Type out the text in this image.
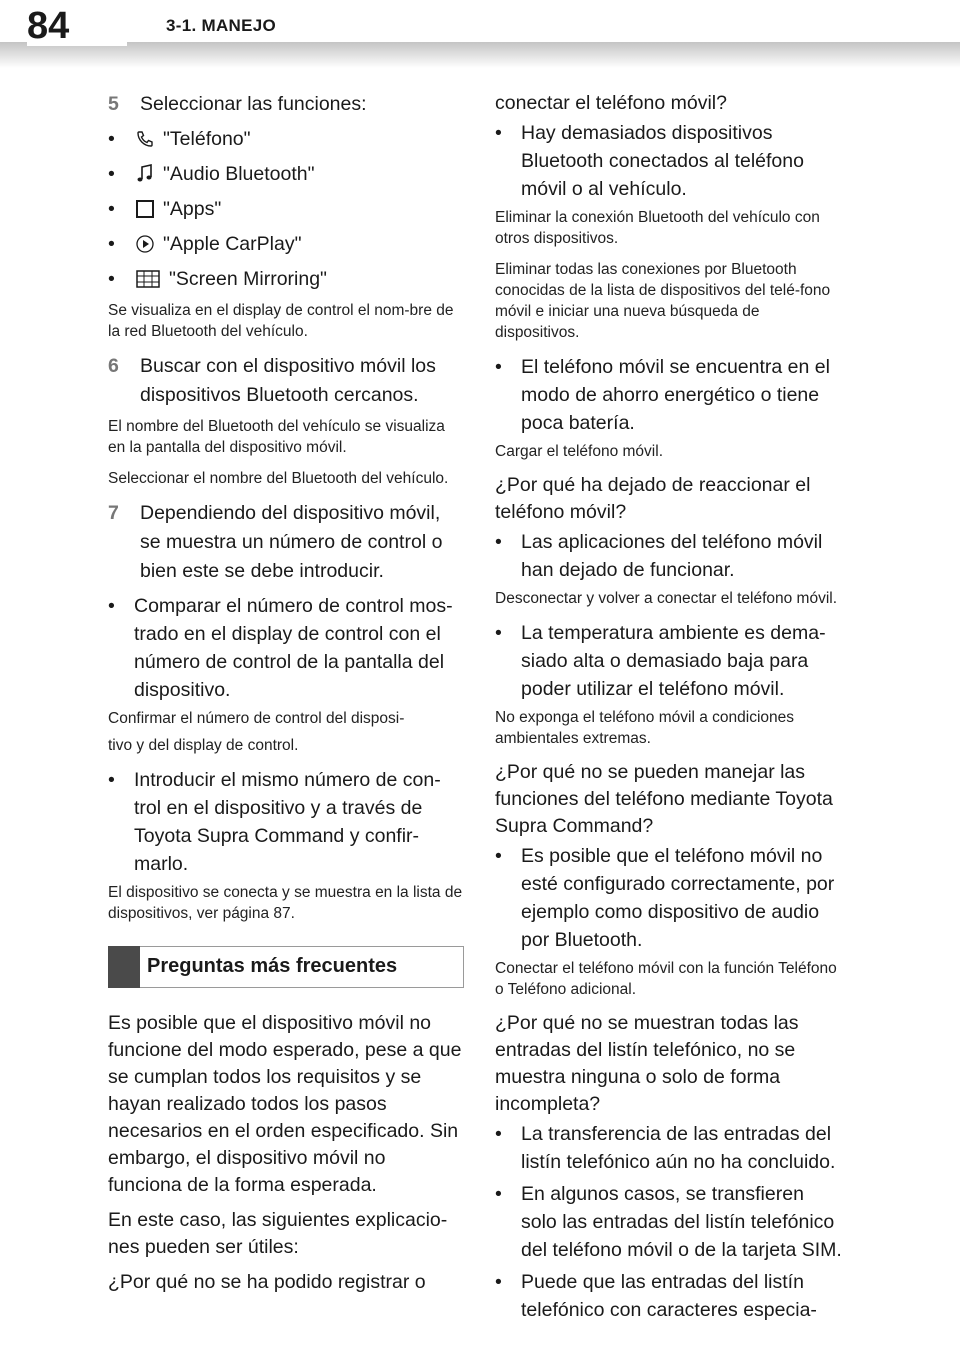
84	3-1. MANEJO
5	Seleccionar las funciones:
• "Teléfono"
• "Audio Bluetooth"
• "Apps"
• "Apple CarPlay"
• "Screen Mirroring"
Se visualiza en el display de control el nom-bre de la red Bluetooth del vehículo.
6	Buscar con el dispositivo móvil los dispositivos Bluetooth cercanos.
El nombre del Bluetooth del vehículo se visualiza en la pantalla del dispositivo móvil.
Seleccionar el nombre del Bluetooth del vehículo.
7	Dependiendo del dispositivo móvil, se muestra un número de control o bien este se debe introducir.
• Comparar el número de control mos-trado en el display de control con el número de control de la pantalla del dispositivo.
Confirmar el número de control del disposi-
tivo y del display de control.
• Introducir el mismo número de con-trol en el dispositivo y a través de Toyota Supra Command y confir-marlo.
El dispositivo se conecta y se muestra en la lista de dispositivos, ver página 87.
Preguntas más frecuentes
Es posible que el dispositivo móvil no funcione del modo esperado, pese a que se cumplan todos los requisitos y se hayan realizado todos los pasos necesarios en el orden especificado. Sin embargo, el dispositivo móvil no funciona de la forma esperada.
En este caso, las siguientes explicacio-nes pueden ser útiles:
¿Por qué no se ha podido registrar o
conectar el teléfono móvil?
• Hay demasiados dispositivos Bluetooth conectados al teléfono móvil o al vehículo.
Eliminar la conexión Bluetooth del vehículo con otros dispositivos.
Eliminar todas las conexiones por Bluetooth conocidas de la lista de dispositivos del telé-fono móvil e iniciar una nueva búsqueda de dispositivos.
• El teléfono móvil se encuentra en el modo de ahorro energético o tiene poca batería.
Cargar el teléfono móvil.
¿Por qué ha dejado de reaccionar el teléfono móvil?
• Las aplicaciones del teléfono móvil han dejado de funcionar.
Desconectar y volver a conectar el teléfono móvil.
• La temperatura ambiente es dema-siado alta o demasiado baja para poder utilizar el teléfono móvil.
No exponga el teléfono móvil a condiciones ambientales extremas.
¿Por qué no se pueden manejar las funciones del teléfono mediante Toyota Supra Command?
• Es posible que el teléfono móvil no esté configurado correctamente, por ejemplo como dispositivo de audio por Bluetooth.
Conectar el teléfono móvil con la función Teléfono o Teléfono adicional.
¿Por qué no se muestran todas las entradas del listín telefónico, no se muestra ninguna o solo de forma incompleta?
• La transferencia de las entradas del listín telefónico aún no ha concluido.
• En algunos casos, se transfieren solo las entradas del listín telefónico del teléfono móvil o de la tarjeta SIM.
• Puede que las entradas del listín telefónico con caracteres especia-
